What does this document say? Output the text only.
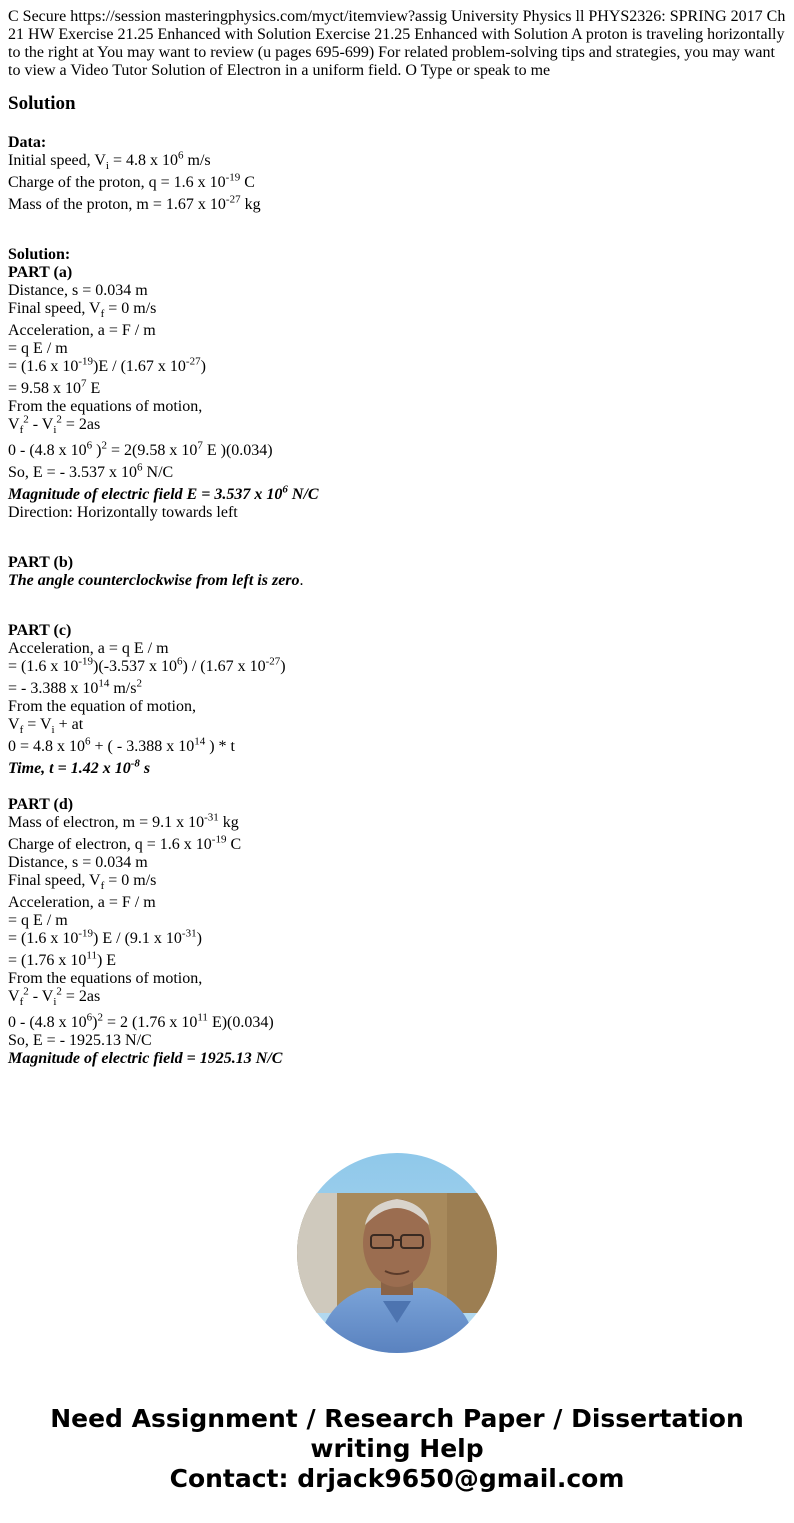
C Secure https://session masteringphysics.com/myct/itemview?assig University Physics ll PHYS2326: SPRING 2017 Ch 21 HW Exercise 21.25 Enhanced with Solution Exercise 21.25 Enhanced with Solution A proton is traveling horizontally to the right at You may want to review (u pages 695-699) For related problem-solving tips and strategies, you may want to view a Video Tutor Solution of Electron in a uniform field. O Type or speak to me

Solution
Data:
Initial speed, $V_i = 4.8$ x $10^6$ m/s
Charge of the proton, q = 1.6 x $10^{-19}$ C
Mass of the proton, m = 1.67 x $10^{-27}$ kg
Solution:
PART (a)
Distance, s = 0.034 m
Final speed, $V_f = 0$ m/s
Acceleration, a = F / m
= q E / m
= (1.6 x $10^{-19})E / (1.67$ x $10^{-27}$)
= 9.58 x $10^7$ E
From the equations of motion,
$V_f^2 - V_i^2 = 2as$
0 - (4.8 x $10^6$ )$^2$ = 2(9.58 x $10^7$ E )(0.034)
So, E = - 3.537 x $10^6$ N/C
Magnitude of electric field E = 3.537 x $10^6$ N/C
Direction: Horizontally towards left
PART (b)
The angle counterclockwise from left is zero.
PART (c)
Acceleration, a = q E / m
= (1.6 x $10^{-19})(-3.537$ x $10^6) / (1.67$ x $10^{-27}$)
= - 3.388 x $10^{14}$ $m/s^2$
From the equation of motion,
$V_f = V_i$ + at
0 = 4.8 x $10^6$ + ( - 3.388 x $10^{14}$ ) * t
Time, t = 1.42 x $10^{-8}$ s
PART (d)
Mass of electron, m = 9.1 x $10^{-31}$ kg
Charge of electron, q = 1.6 x $10^{-19}$ C
Distance, s = 0.034 m
Final speed, $V_f = 0$ m/s
Acceleration, a = F / m
= q E / m
= (1.6 x $10^{-19}$) E / (9.1 x $10^{-31}$)
= (1.76 x $10^{11}$) E
From the equations of motion,
$V_f^2 - V_i^2 = 2as$
0 - (4.8 x $10^6)^2 = 2$ (1.76 x $10^{11}$ E)(0.034)
So, E = - 1925.13 N/C
Magnitude of electric field = 1925.13 N/C
Need Assignment / Research Paper / Dissertation
writing Help
Contact: drjack9650@gmail.com
